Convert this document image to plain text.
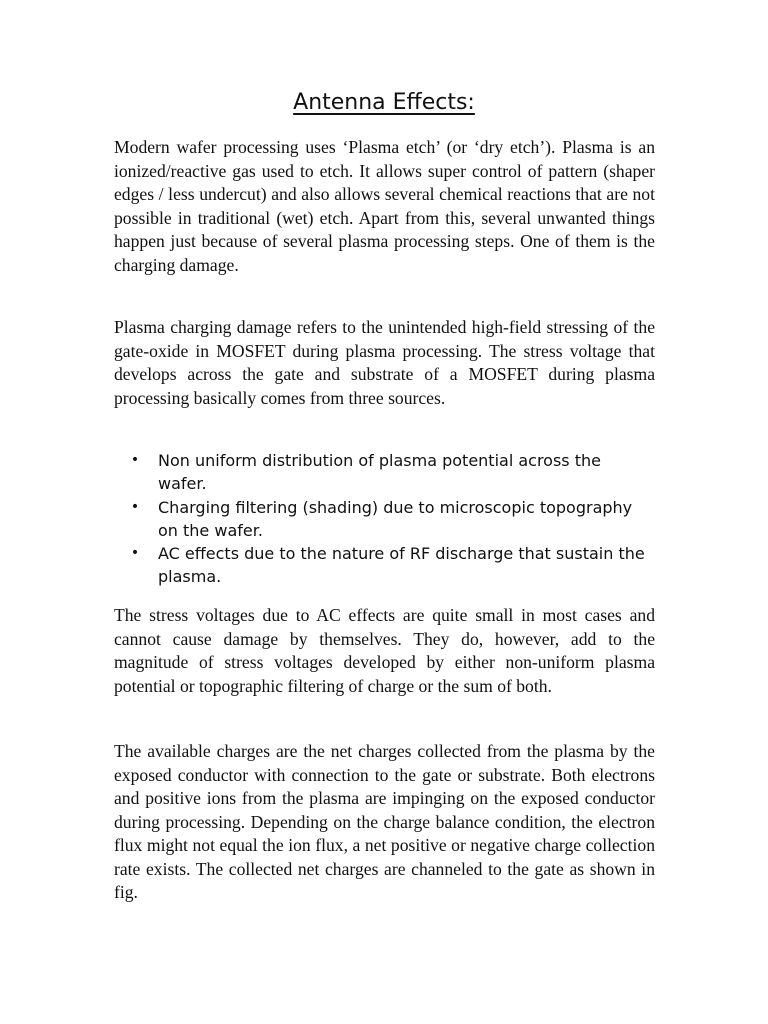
Antenna Effects:

Modern wafer processing uses ‘Plasma etch’ (or ‘dry etch’). Plasma is an ionized/reactive gas used to etch. It allows super control of pattern (shaper edges / less undercut) and also allows several chemical reactions that are not possible in traditional (wet) etch. Apart from this, several unwanted things happen just because of several plasma processing steps. One of them is the charging damage.

Plasma charging damage refers to the unintended high-field stressing of the gate-oxide in MOSFET during plasma processing. The stress voltage that develops across the gate and substrate of a MOSFET during plasma processing basically comes from three sources.

• Non uniform distribution of plasma potential across the wafer.
• Charging filtering (shading) due to microscopic topography on the wafer.
• AC effects due to the nature of RF discharge that sustain the plasma.

The stress voltages due to AC effects are quite small in most cases and cannot cause damage by themselves. They do, however, add to the magnitude of stress voltages developed by either non-uniform plasma potential or topographic filtering of charge or the sum of both.

The available charges are the net charges collected from the plasma by the exposed conductor with connection to the gate or substrate. Both electrons and positive ions from the plasma are impinging on the exposed conductor during processing. Depending on the charge balance condition, the electron flux might not equal the ion flux, a net positive or negative charge collection rate exists. The collected net charges are channeled to the gate as shown in fig.
